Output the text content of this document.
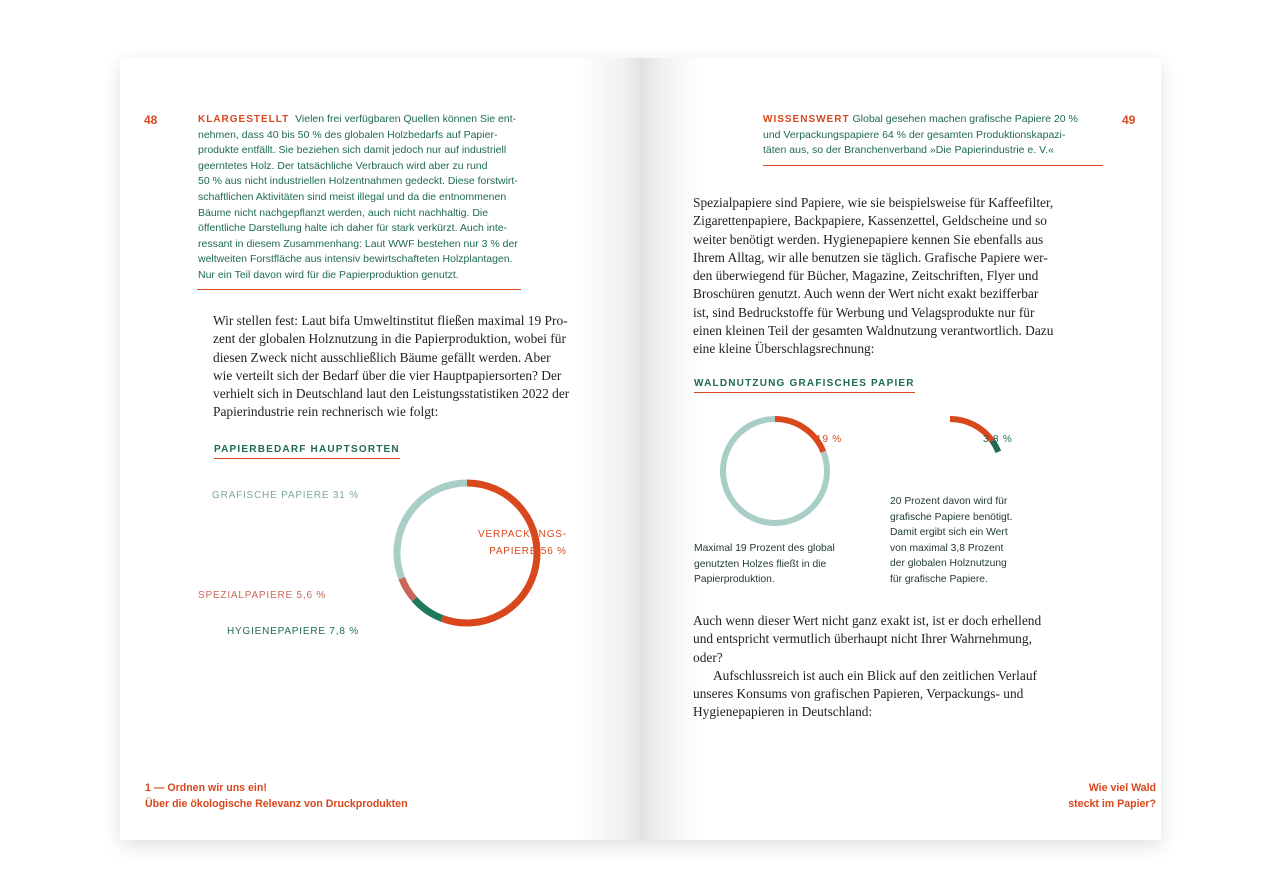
48	KLARGESTELLT Vielen frei verfügbaren Quellen können Sie ent-
nehmen, dass 40 bis 50 % des globalen Holzbedarfs auf Papier-
produkte entfällt. Sie beziehen sich damit jedoch nur auf industriell
geerntetes Holz. Der tatsächliche Verbrauch wird aber zu rund
50 % aus nicht industriellen Holzentnahmen gedeckt. Diese forstwirt-
schaftlichen Aktivitäten sind meist illegal und da die entnommenen
Bäume nicht nachgepflanzt werden, auch nicht nachhaltig. Die
öffentliche Darstellung halte ich daher für stark verkürzt. Auch inte-
ressant in diesem Zusammenhang: Laut WWF bestehen nur 3 % der
weltweiten Forstfläche aus intensiv bewirtschafteten Holzplantagen.
Nur ein Teil davon wird für die Papierproduktion genutzt.
Wir stellen fest: Laut bifa Umweltinstitut fließen maximal 19 Pro-
zent der globalen Holznutzung in die Papierproduktion, wobei für
diesen Zweck nicht ausschließlich Bäume gefällt werden. Aber
wie verteilt sich der Bedarf über die vier Hauptpapiersorten? Der
verhielt sich in Deutschland laut den Leistungsstatistiken 2022 der
Papierindustrie rein rechnerisch wie folgt:
PAPIERBEDARF HAUPTSORTEN
GRAFISCHE PAPIERE 31 %
VERPACKUNGS-
PAPIERE 56 %
SPEZIALPAPIERE 5,6 %
HYGIENEPAPIERE 7,8 %
1 — Ordnen wir uns ein!
Über die ökologische Relevanz von Druckprodukten
WISSENSWERT Global gesehen machen grafische Papiere 20 %
und Verpackungspapiere 64 % der gesamten Produktionskapazi-
täten aus, so der Branchenverband »Die Papierindustrie e. V.«
49
Spezialpapiere sind Papiere, wie sie beispielsweise für Kaffeefilter,
Zigarettenpapiere, Backpapiere, Kassenzettel, Geldscheine und so
weiter benötigt werden. Hygienepapiere kennen Sie ebenfalls aus
Ihrem Alltag, wir alle benutzen sie täglich. Grafische Papiere wer-
den überwiegend für Bücher, Magazine, Zeitschriften, Flyer und
Broschüren genutzt. Auch wenn der Wert nicht exakt bezifferbar
ist, sind Bedruckstoffe für Werbung und Velagsprodukte nur für
einen kleinen Teil der gesamten Waldnutzung verantwortlich. Dazu
eine kleine Überschlagsrechnung:
WALDNUTZUNG GRAFISCHES PAPIER
19 %	3,8 %
Maximal 19 Prozent des global
genutzten Holzes fließt in die
Papierproduktion.
20 Prozent davon wird für
grafische Papiere benötigt.
Damit ergibt sich ein Wert
von maximal 3,8 Prozent
der globalen Holznutzung
für grafische Papiere.
Auch wenn dieser Wert nicht ganz exakt ist, ist er doch erhellend
und entspricht vermutlich überhaupt nicht Ihrer Wahrnehmung,
oder?
Aufschlussreich ist auch ein Blick auf den zeitlichen Verlauf
unseres Konsums von grafischen Papieren, Verpackungs- und
Hygienepapieren in Deutschland:
Wie viel Wald
steckt im Papier?
